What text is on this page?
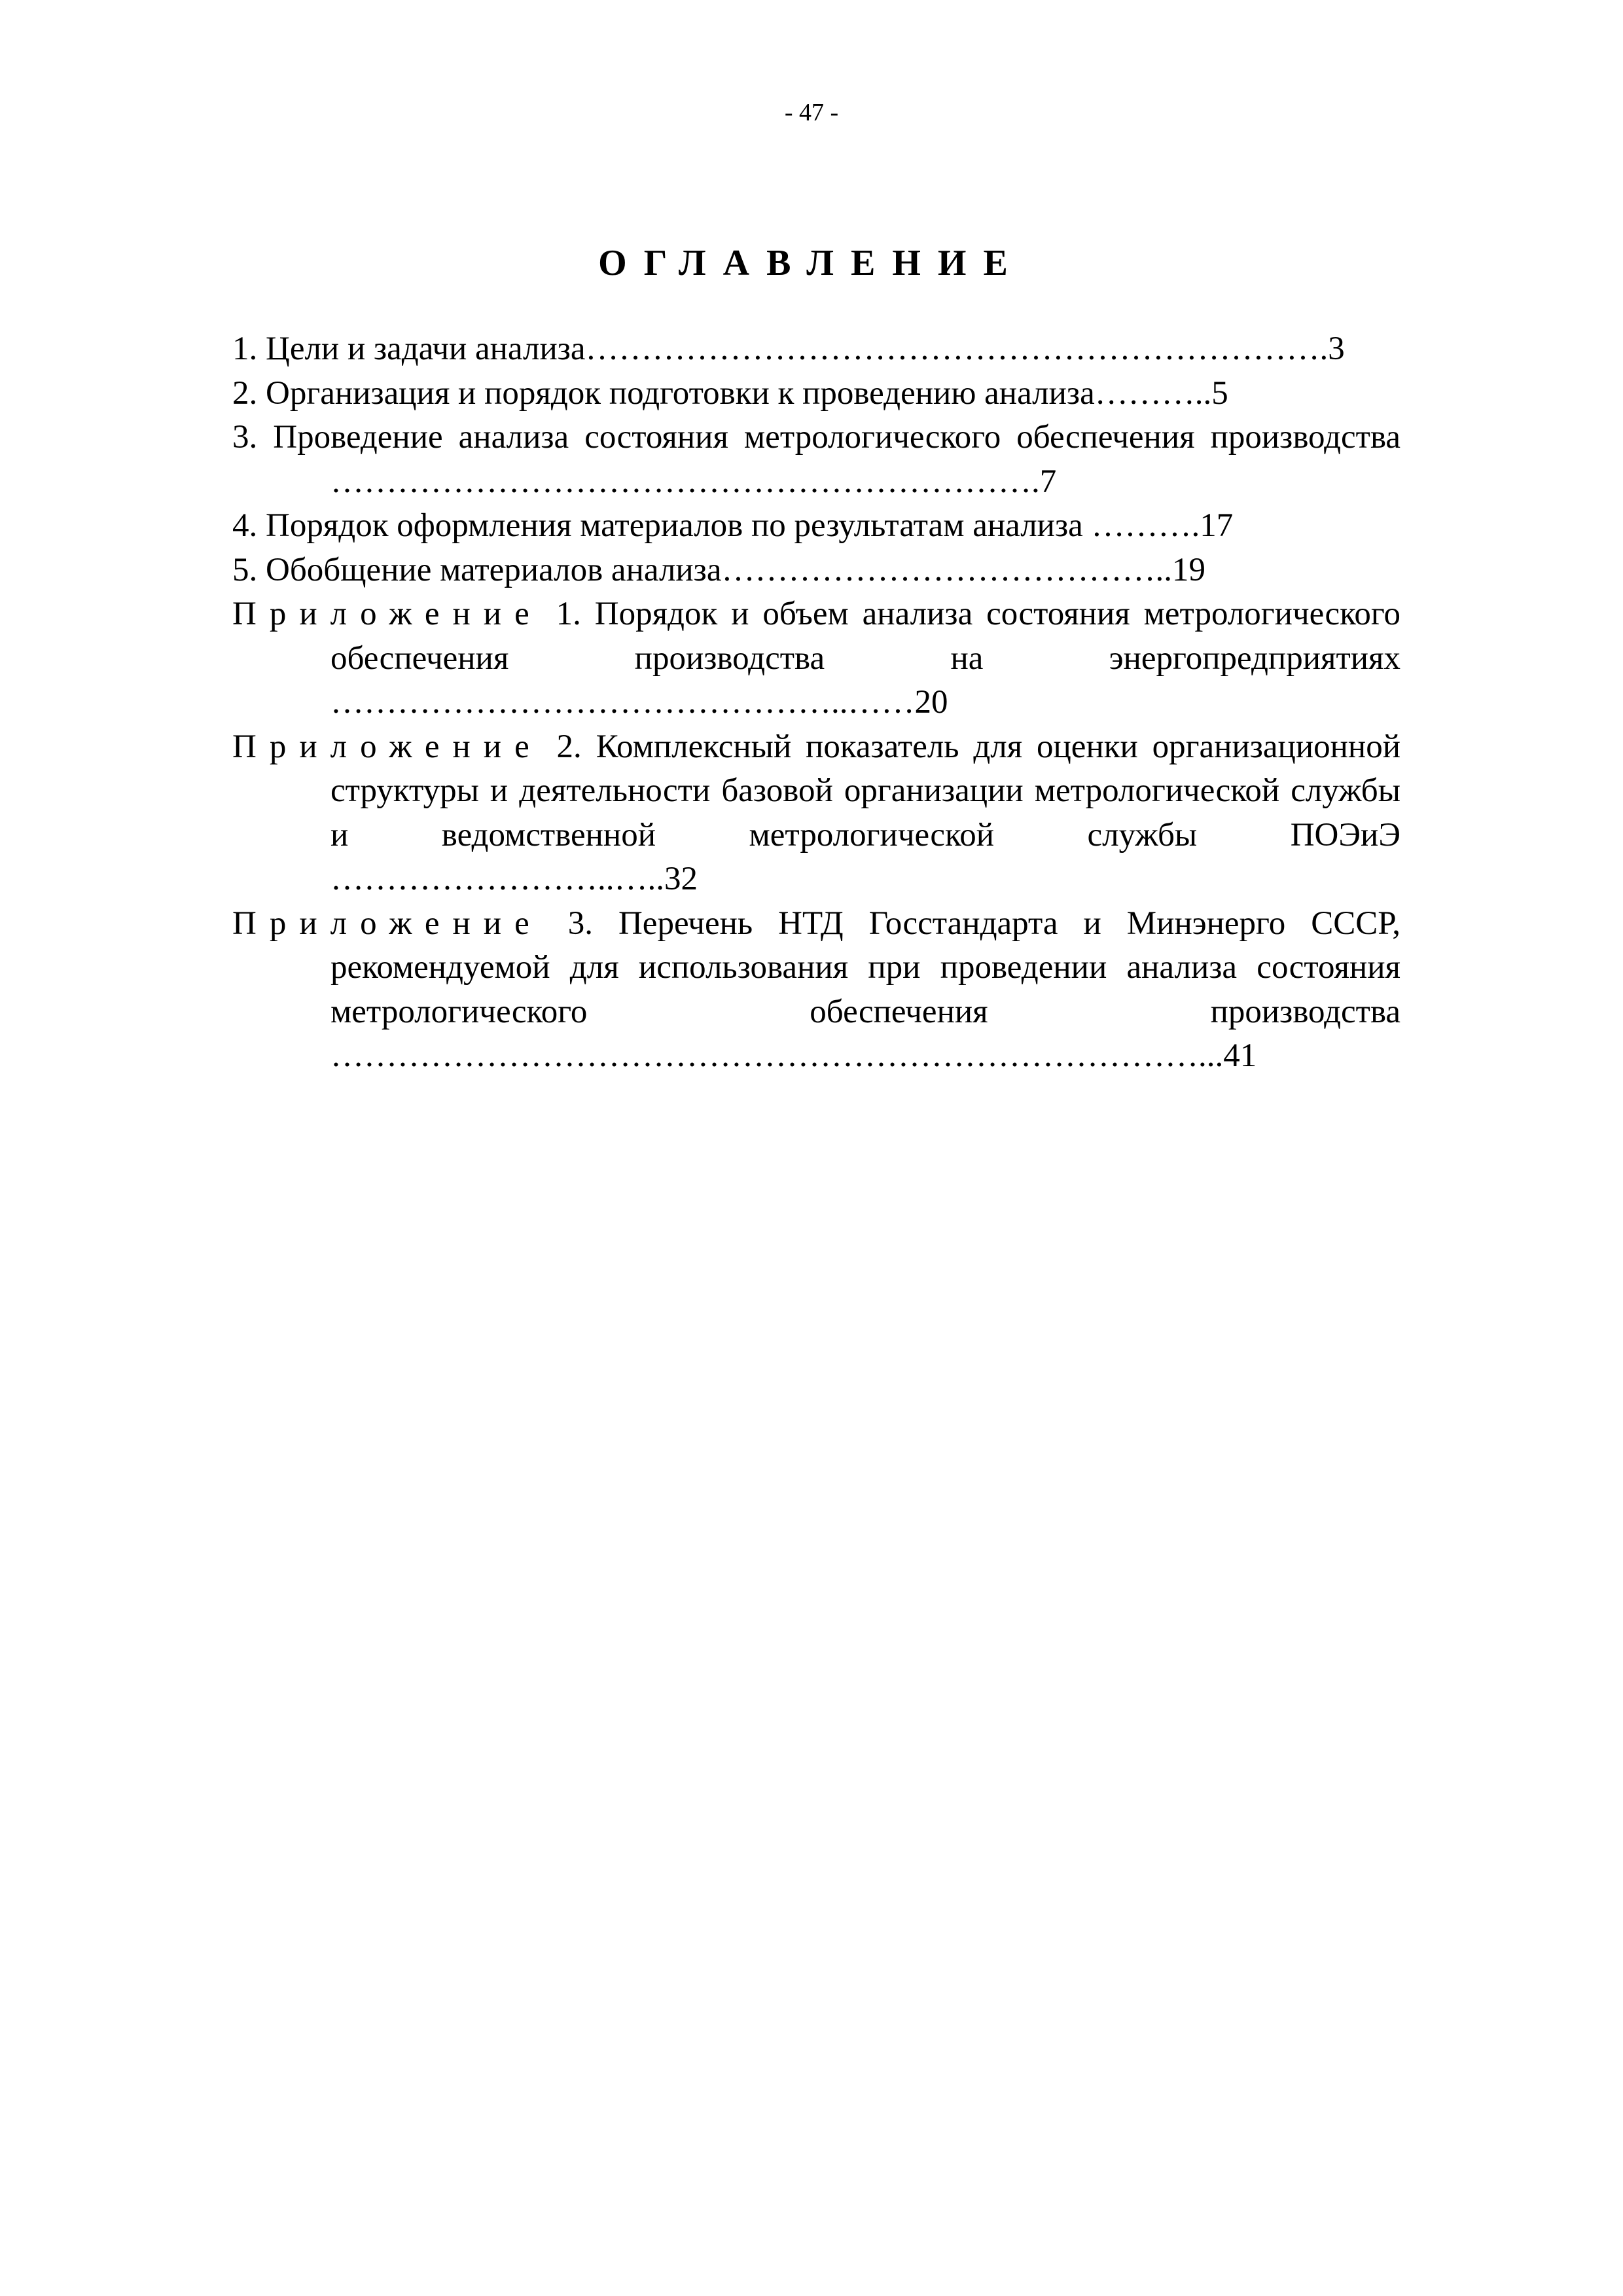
- 47 -
ОГЛАВЛЕНИЕ

1. Цели и задачи анализа………………………………………………………….3

2. Организация и порядок подготовки к проведению анализа………..5

3. Проведение анализа состояния метрологического обеспечения производства ……………………………………………………….7

4. Порядок оформления материалов по результатам анализа ……….17

5. Обобщение материалов анализа…………………………………..19

Приложение 1. Порядок и объем анализа состояния метрологического обеспечения производства на энергопредприятиях ………………………………………..……20

Приложение 2. Комплексный показатель для оценки организационной структуры и деятельности базовой организации метрологической службы и ведомственной метрологической службы ПОЭиЭ ……………………..…..32

Приложение 3. Перечень НТД Госстандарта и Минэнерго СССР, рекомендуемой для использования при проведении анализа состояния метрологического обеспечения производства ……………………………………………………………………...41
